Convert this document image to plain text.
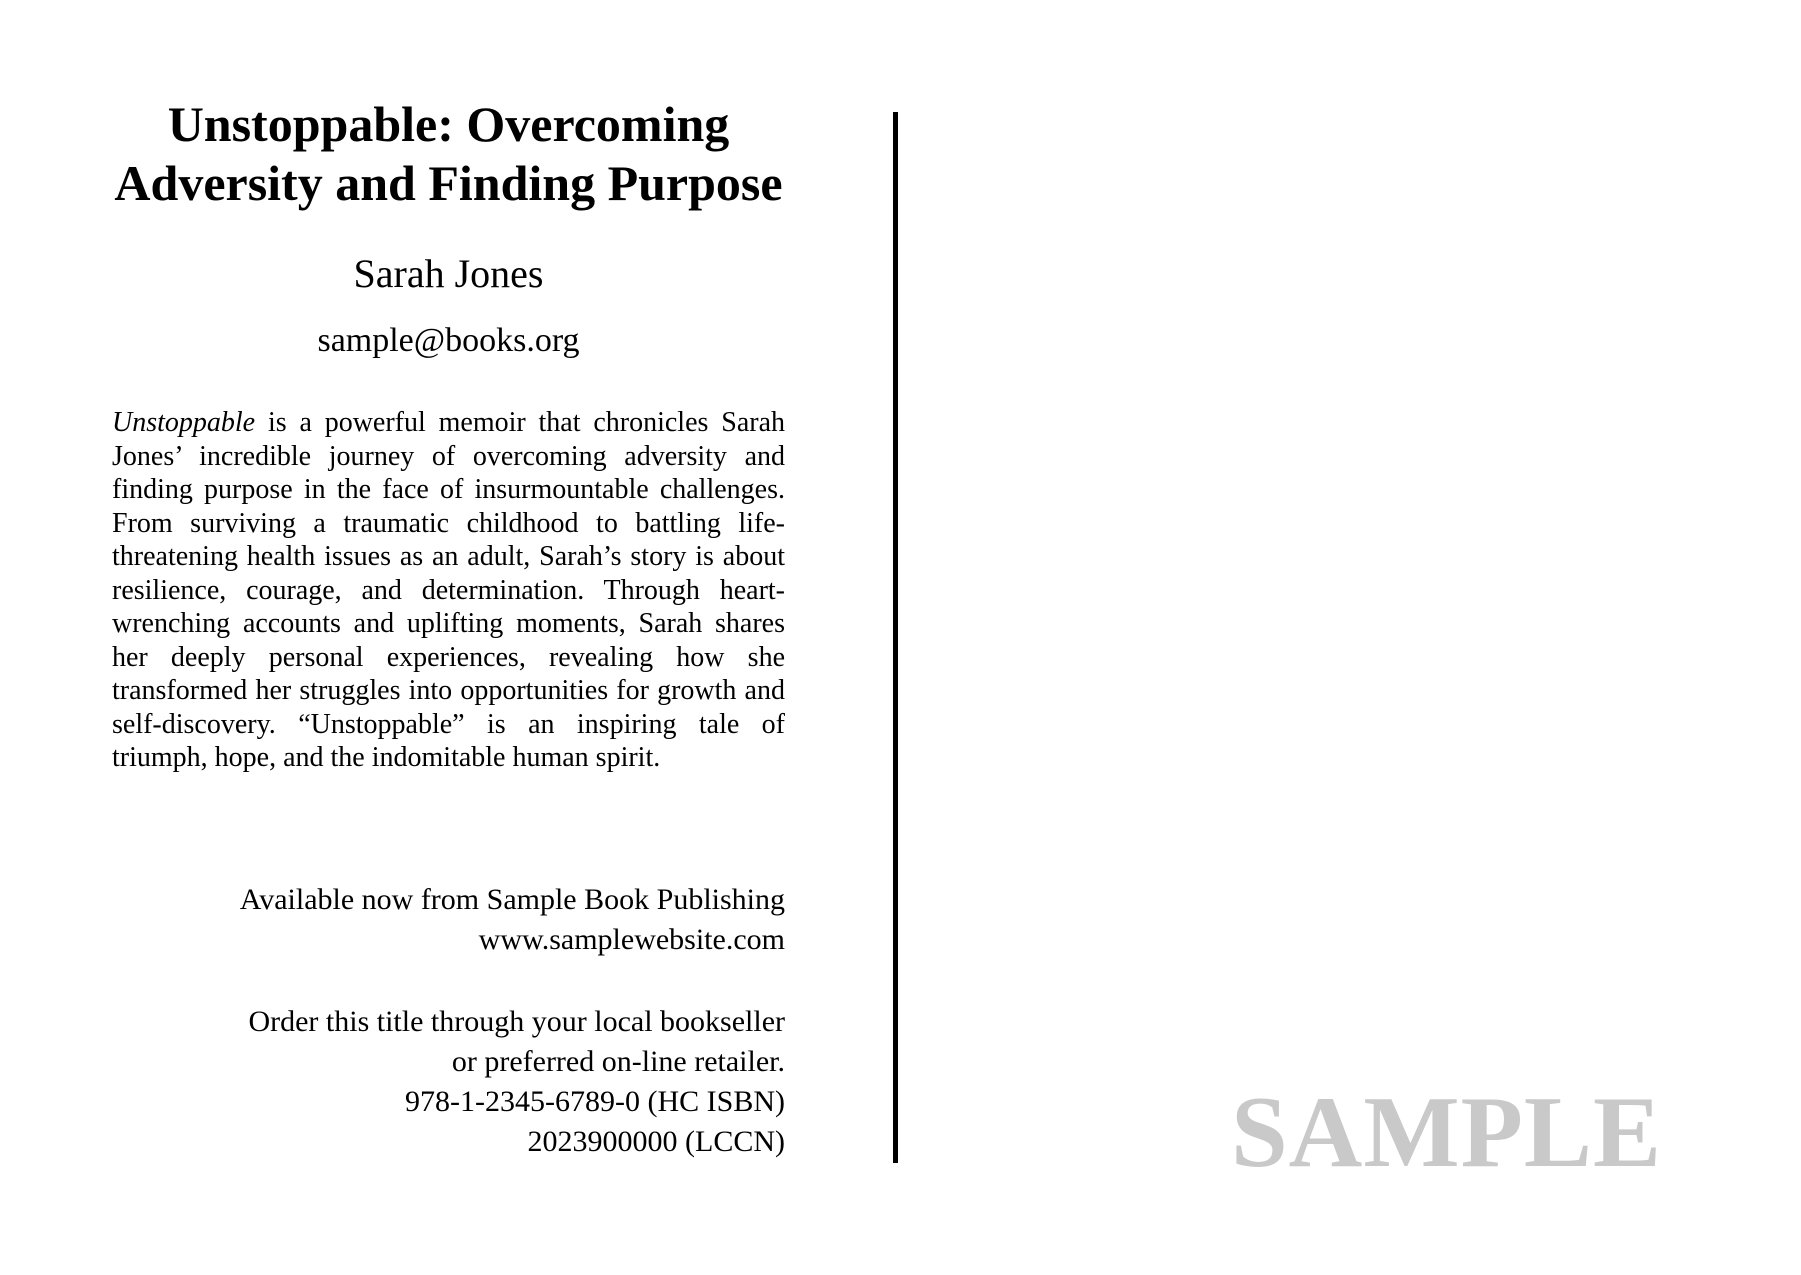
Unstoppable: Overcoming Adversity and Finding Purpose
Sarah Jones
sample@books.org

Unstoppable is a powerful memoir that chronicles Sarah Jones’ incredible journey of overcoming adversity and finding purpose in the face of insurmountable challenges. From surviving a traumatic childhood to battling life-threatening health issues as an adult, Sarah’s story is about resilience, courage, and determination. Through heart-wrenching accounts and uplifting moments, Sarah shares her deeply personal experiences, revealing how she transformed her struggles into opportunities for growth and self-discovery. “Unstoppable” is an inspiring tale of triumph, hope, and the indomitable human spirit.

Available now from Sample Book Publishing
www.samplewebsite.com
Order this title through your local bookseller
or preferred on-line retailer.
978-1-2345-6789-0 (HC ISBN)
2023900000 (LCCN)	SAMPLE
